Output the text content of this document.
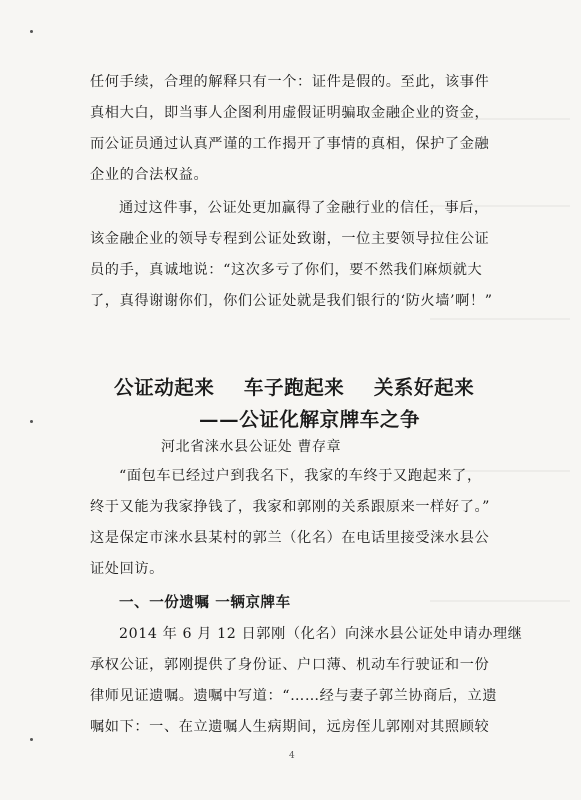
任何手续，合理的解释只有一个：证件是假的。至此，该事件
真相大白，即当事人企图利用虚假证明骗取金融企业的资金，
而公证员通过认真严谨的工作揭开了事情的真相，保护了金融
企业的合法权益。
通过这件事，公证处更加赢得了金融行业的信任，事后，
该金融企业的领导专程到公证处致谢，一位主要领导拉住公证
员的手，真诚地说：“这次多亏了你们，要不然我们麻烦就大
了，真得谢谢你们，你们公证处就是我们银行的‘防火墙’啊！”
公证动起来 车子跑起来 关系好起来
——公证化解京牌车之争
河北省涞水县公证处 曹存章
“面包车已经过户到我名下，我家的车终于又跑起来了，
终于又能为我家挣钱了，我家和郭刚的关系跟原来一样好了。”
这是保定市涞水县某村的郭兰（化名）在电话里接受涞水县公
证处回访。
一、一份遗嘱 一辆京牌车
2014 年 6 月 12 日郭刚（化名）向涞水县公证处申请办理继
承权公证，郭刚提供了身份证、户口薄、机动车行驶证和一份
律师见证遗嘱。遗嘱中写道：“……经与妻子郭兰协商后，立遗
嘱如下：一、在立遗嘱人生病期间，远房侄儿郭刚对其照顾较
4
